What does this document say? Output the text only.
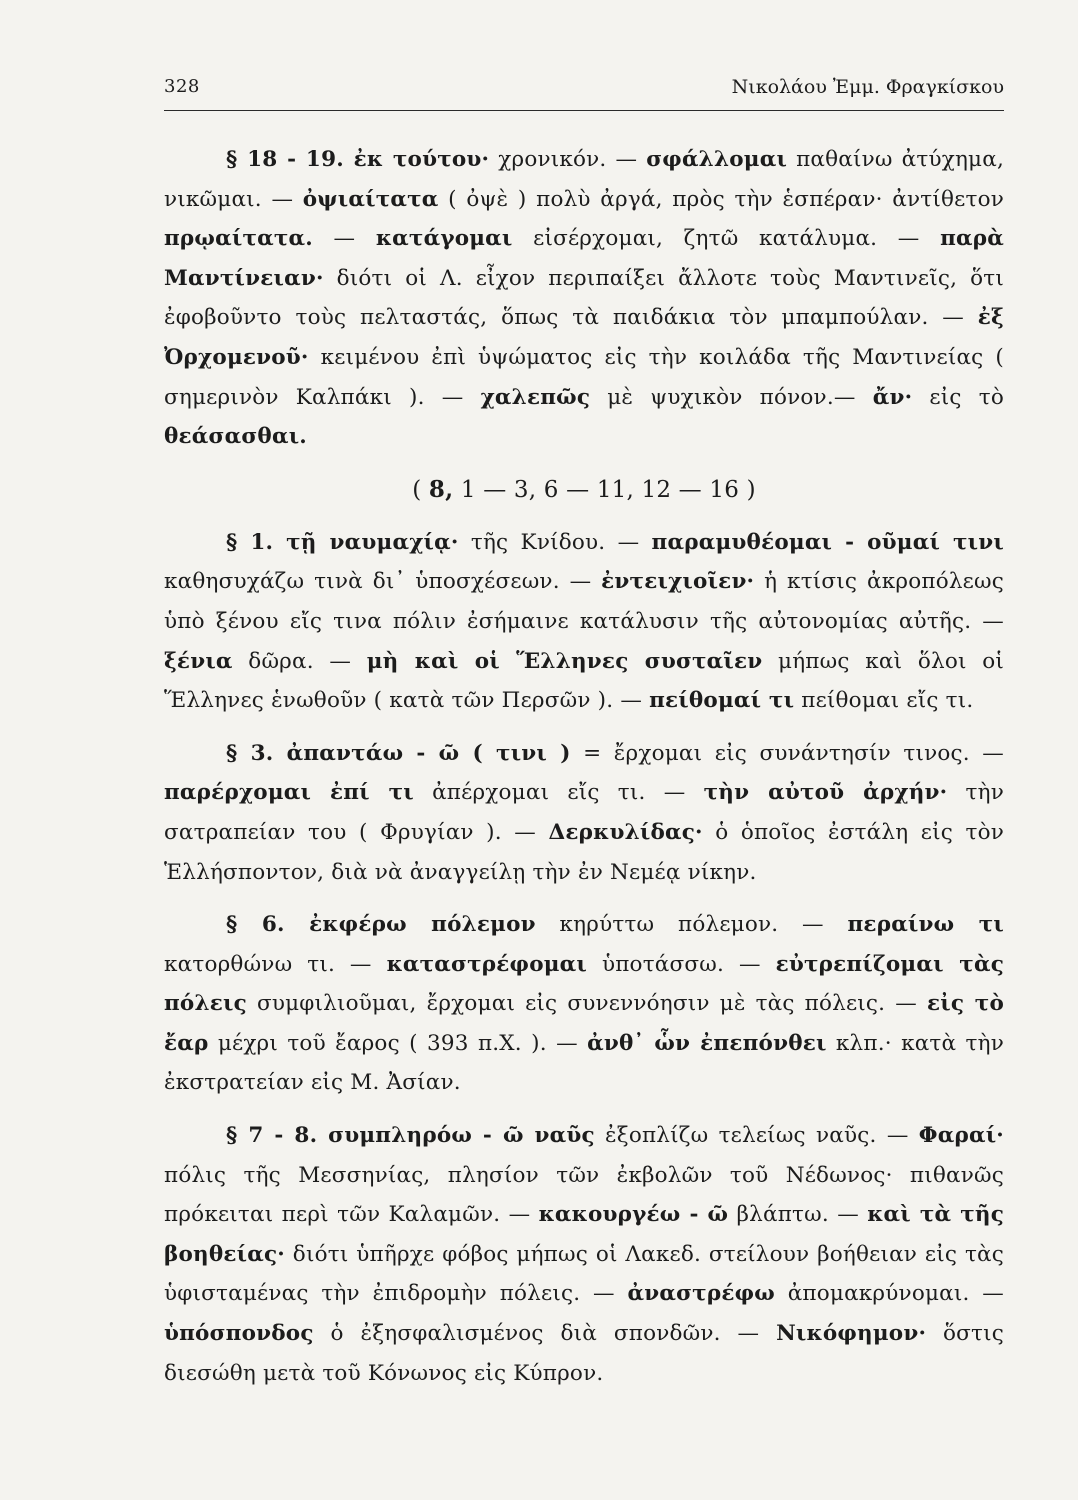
328	Νικολάου Ἐμμ. Φραγκίσκου

§ 18 - 19. ἐκ τούτου· χρονικόν. — σφάλλομαι παθαίνω ἀτύχημα, νικῶμαι. — ὀψιαίτατα ( ὀψὲ ) πολὺ ἀργά, πρὸς τὴν ἑσπέραν· ἀντίθετον πρῳαίτατα. — κατάγομαι εἰσέρχομαι, ζητῶ κατάλυμα. — παρὰ Μαντίνειαν· διότι οἱ Λ. εἶχον περιπαίξει ἄλλοτε τοὺς Μαντινεῖς, ὅτι ἐφοβοῦντο τοὺς πελταστάς, ὅπως τὰ παιδάκια τὸν μπαμπούλαν. — ἐξ Ὀρχομενοῦ· κειμένου ἐπὶ ὑψώματος εἰς τὴν κοιλάδα τῆς Μαντινείας ( σημερινὸν Καλπάκι ). — χαλεπῶς μὲ ψυχικὸν πόνον.— ἄν· εἰς τὸ θεάσασθαι.

( 8, 1 — 3, 6 — 11, 12 — 16 )

§ 1. τῇ ναυμαχίᾳ· τῆς Κνίδου. — παραμυθέομαι - οῦμαί τινι καθησυχάζω τινὰ δι᾽ ὑποσχέσεων. — ἐντειχιοῖεν· ἡ κτίσις ἀκροπόλεως ὑπὸ ξένου εἴς τινα πόλιν ἐσήμαινε κατάλυσιν τῆς αὐτονομίας αὐτῆς. — ξένια δῶρα. — μὴ καὶ οἱ Ἕλληνες συσταῖεν μήπως καὶ ὅλοι οἱ Ἕλληνες ἑνωθοῦν ( κατὰ τῶν Περσῶν ). — πείθομαί τι πείθομαι εἴς τι.

§ 3. ἀπαντάω - ῶ ( τινι ) = ἔρχομαι εἰς συνάντησίν τινος. — παρέρχομαι ἐπί τι ἀπέρχομαι εἴς τι. — τὴν αὐτοῦ ἀρχήν· τὴν σατραπείαν του ( Φρυγίαν ). — Δερκυλίδας· ὁ ὁποῖος ἐστάλη εἰς τὸν Ἑλλήσποντον, διὰ νὰ ἀναγγείλῃ τὴν ἐν Νεμέᾳ νίκην.

§ 6. ἐκφέρω πόλεμον κηρύττω πόλεμον. — περαίνω τι κατορθώνω τι. — καταστρέφομαι ὑποτάσσω. — εὐτρεπίζομαι τὰς πόλεις συμφιλιοῦμαι, ἔρχομαι εἰς συνεννόησιν μὲ τὰς πόλεις. — εἰς τὸ ἔαρ μέχρι τοῦ ἔαρος ( 393 π.Χ. ). — ἀνθ᾽ ὧν ἐπεπόνθει κλπ.· κατὰ τὴν ἐκστρατείαν εἰς Μ. Ἀσίαν.

§ 7 - 8. συμπληρόω - ῶ ναῦς ἐξοπλίζω τελείως ναῦς. — Φαραί· πόλις τῆς Μεσσηνίας, πλησίον τῶν ἐκβολῶν τοῦ Νέδωνος· πιθανῶς πρόκειται περὶ τῶν Καλαμῶν. — κακουργέω - ῶ βλάπτω. — καὶ τὰ τῆς βοηθείας· διότι ὑπῆρχε φόβος μήπως οἱ Λακεδ. στείλουν βοήθειαν εἰς τὰς ὑφισταμένας τὴν ἐπιδρομὴν πόλεις. — ἀναστρέφω ἀπομακρύνομαι. — ὑπόσπονδος ὁ ἐξησφαλισμένος διὰ σπονδῶν. — Νικόφημον· ὅστις διεσώθη μετὰ τοῦ Κόνωνος εἰς Κύπρον.
